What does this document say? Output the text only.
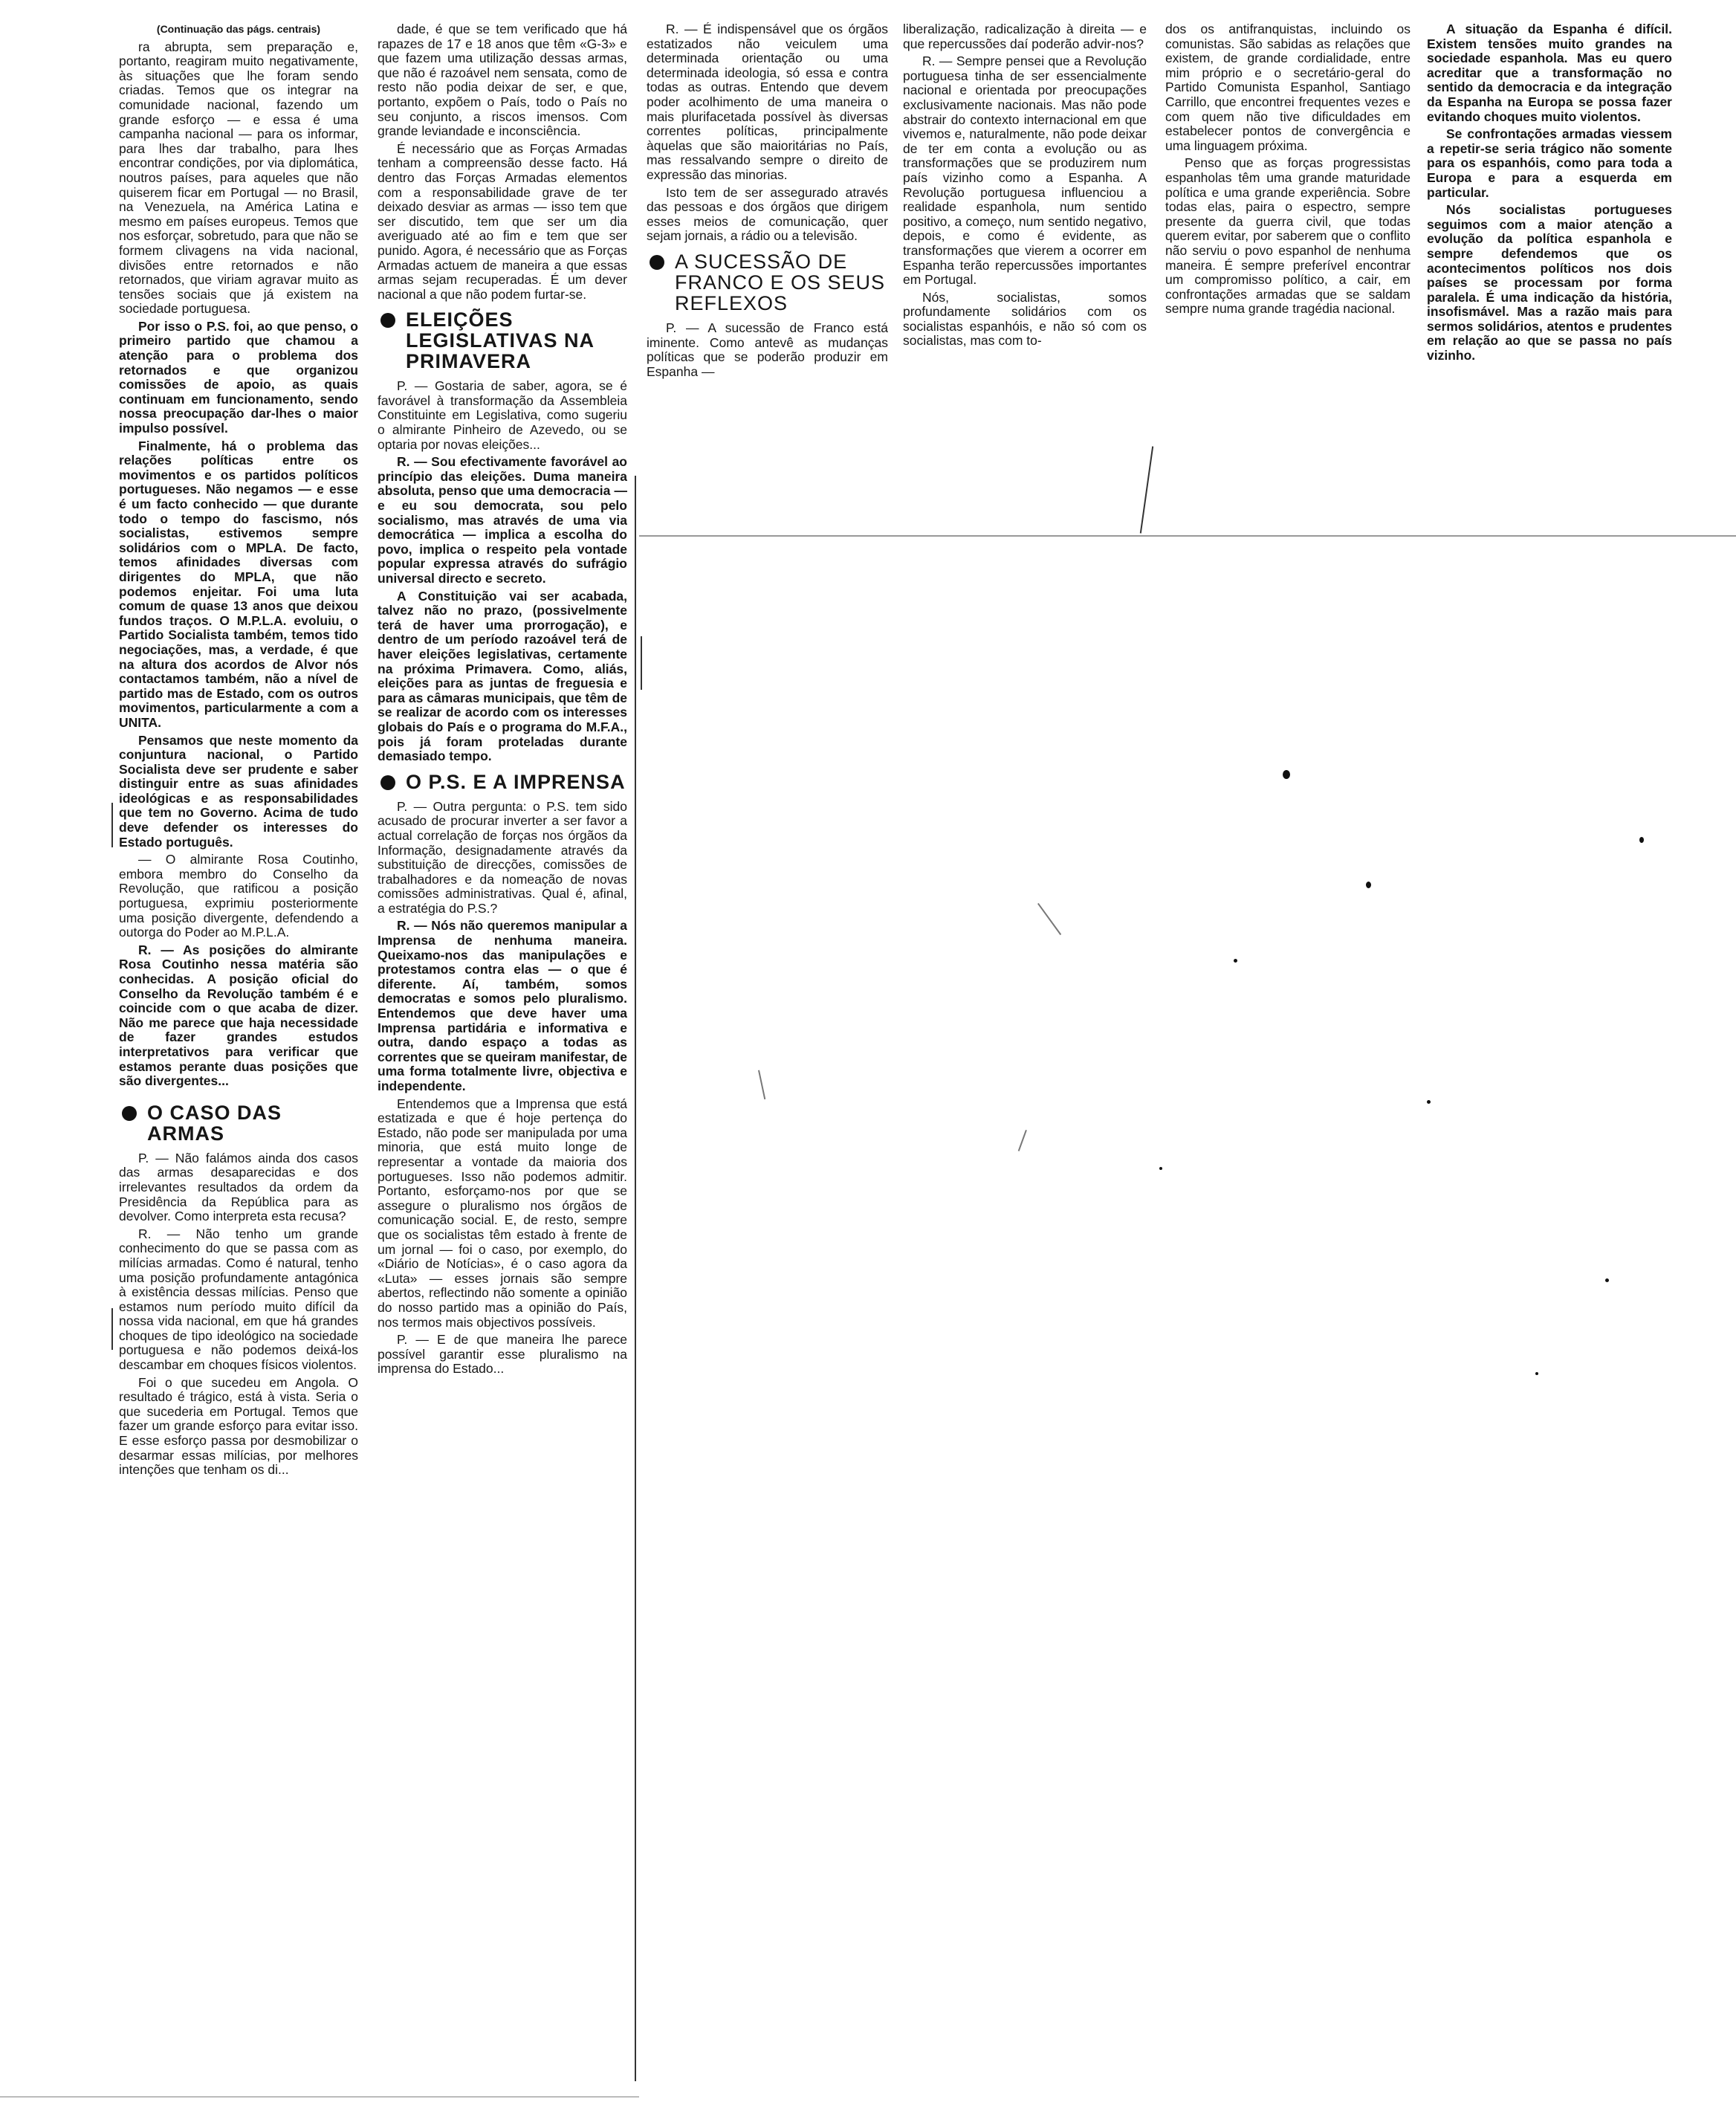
(Continuação das págs. centrais)

ra abrupta, sem preparação e, portanto, reagiram muito negativamente, às situações que lhe foram sendo criadas. Temos que os integrar na comunidade nacional, fazendo um grande esforço — e essa é uma campanha nacional — para os informar, para lhes dar trabalho, para lhes encontrar condições, por via diplomática, noutros países, para aqueles que não quiserem ficar em Portugal — no Brasil, na Venezuela, na América Latina e mesmo em países europeus. Temos que nos esforçar, sobretudo, para que não se formem clivagens na vida nacional, divisões entre retornados e não retornados, que viriam agravar muito as tensões sociais que já existem na sociedade portuguesa.

Por isso o P.S. foi, ao que penso, o primeiro partido que chamou a atenção para o problema dos retornados e que organizou comissões de apoio, as quais continuam em funcionamento, sendo nossa preocupação dar-lhes o maior impulso possível.

Finalmente, há o problema das relações políticas entre os movimentos e os partidos políticos portugueses. Não negamos — e esse é um facto conhecido — que durante todo o tempo do fascismo, nós socialistas, estivemos sempre solidários com o MPLA. De facto, temos afinidades diversas com dirigentes do MPLA, que não podemos enjeitar. Foi uma luta comum de quase 13 anos que deixou fundos traços. O M.P.L.A. evoluiu, o Partido Socialista também, temos tido negociações, mas, a verdade, é que na altura dos acordos de Alvor nós contactamos também, não a nível de partido mas de Estado, com os outros movimentos, particularmente a com a UNITA.

Pensamos que neste momento da conjuntura nacional, o Partido Socialista deve ser prudente e saber distinguir entre as suas afinidades ideológicas e as responsabilidades que tem no Governo. Acima de tudo deve defender os interesses do Estado português.

— O almirante Rosa Coutinho, embora membro do Conselho da Revolução, que ratificou a posição portuguesa, exprimiu posteriormente uma posição divergente, defendendo a outorga do Poder ao M.P.L.A.

R. — As posições do almirante Rosa Coutinho nessa matéria são conhecidas. A posição oficial do Conselho da Revolução também é e coincide com o que acaba de dizer. Não me parece que haja necessidade de fazer grandes estudos interpretativos para verificar que estamos perante duas posições que são divergentes...

O CASO DAS ARMAS

P. — Não falámos ainda dos casos das armas desaparecidas e dos irrelevantes resultados da ordem da Presidência da República para as devolver. Como interpreta esta recusa?

R. — Não tenho um grande conhecimento do que se passa com as milícias armadas. Como é natural, tenho uma posição profundamente antagónica à existência dessas milícias. Penso que estamos num período muito difícil da nossa vida nacional, em que há grandes choques de tipo ideológico na sociedade portuguesa e não podemos deixá-los descambar em choques físicos violentos.

Foi o que sucedeu em Angola. O resultado é trágico, está à vista. Seria o que sucederia em Portugal. Temos que fazer um grande esforço para evitar isso. E esse esforço passa por desmobilizar o desarmar essas milícias, por melhores intenções que tenham os di...

dade, é que se tem verificado que há rapazes de 17 e 18 anos que têm «G-3» e que fazem uma utilização dessas armas, que não é razoável nem sensata, como de resto não podia deixar de ser, e que, portanto, expõem o País, todo o País no seu conjunto, a riscos imensos. Com grande leviandade e inconsciência.

É necessário que as Forças Armadas tenham a compreensão desse facto. Há dentro das Forças Armadas elementos com a responsabilidade grave de ter deixado desviar as armas — isso tem que ser discutido, tem que ser um dia averiguado até ao fim e tem que ser punido. Agora, é necessário que as Forças Armadas actuem de maneira a que essas armas sejam recuperadas. É um dever nacional a que não podem furtar-se.

ELEIÇÕES LEGISLATIVAS NA PRIMAVERA

P. — Gostaria de saber, agora, se é favorável à transformação da Assembleia Constituinte em Legislativa, como sugeriu o almirante Pinheiro de Azevedo, ou se optaria por novas eleições...

R. — Sou efectivamente favorável ao princípio das eleições. Duma maneira absoluta, penso que uma democracia — e eu sou democrata, sou pelo socialismo, mas através de uma via democrática — implica a escolha do povo, implica o respeito pela vontade popular expressa através do sufrágio universal directo e secreto.

A Constituição vai ser acabada, talvez não no prazo, (possivelmente terá de haver uma prorrogação), e dentro de um período razoável terá de haver eleições legislativas, certamente na próxima Primavera. Como, aliás, eleições para as juntas de freguesia e para as câmaras municipais, que têm de se realizar de acordo com os interesses globais do País e o programa do M.F.A., pois já foram proteladas durante demasiado tempo.

O P.S. E A IMPRENSA

P. — Outra pergunta: o P.S. tem sido acusado de procurar inverter a ser favor a actual correlação de forças nos órgãos da Informação, designadamente através da substituição de direcções, comissões de trabalhadores e da nomeação de novas comissões administrativas. Qual é, afinal, a estratégia do P.S.?

R. — Nós não queremos manipular a Imprensa de nenhuma maneira. Queixamo-nos das manipulações e protestamos contra elas — o que é diferente. Aí, também, somos democratas e somos pelo pluralismo. Entendemos que deve haver uma Imprensa partidária e informativa e outra, dando espaço a todas as correntes que se queiram manifestar, de uma forma totalmente livre, objectiva e independente.

Entendemos que a Imprensa que está estatizada e que é hoje pertença do Estado, não pode ser manipulada por uma minoria, que está muito longe de representar a vontade da maioria dos portugueses. Isso não podemos admitir. Portanto, esforçamo-nos por que se assegure o pluralismo nos órgãos de comunicação social. E, de resto, sempre que os socialistas têm estado à frente de um jornal — foi o caso, por exemplo, do «Diário de Notícias», é o caso agora da «Luta» — esses jornais são sempre abertos, reflectindo não somente a opinião do nosso partido mas a opinião do País, nos termos mais objectivos possíveis.

P. — E de que maneira lhe parece possível garantir esse pluralismo na imprensa do Estado...

R. — É indispensável que os órgãos estatizados não veiculem uma determinada orientação ou uma determinada ideologia, só essa e contra todas as outras. Entendo que devem poder acolhimento de uma maneira o mais plurifacetada possível às diversas correntes políticas, principalmente àquelas que são maioritárias no País, mas ressalvando sempre o direito de expressão das minorias.

Isto tem de ser assegurado através das pessoas e dos órgãos que dirigem esses meios de comunicação, quer sejam jornais, a rádio ou a televisão.

A SUCESSÃO DE FRANCO E OS SEUS REFLEXOS

P. — A sucessão de Franco está iminente. Como antevê as mudanças políticas que se poderão produzir em Espanha —

liberalização, radicalização à direita — e que repercussões daí poderão advir-nos?

R. — Sempre pensei que a Revolução portuguesa tinha de ser essencialmente nacional e orientada por preocupações exclusivamente nacionais. Mas não pode abstrair do contexto internacional em que vivemos e, naturalmente, não pode deixar de ter em conta a evolução ou as transformações que se produzirem num país vizinho como a Espanha. A Revolução portuguesa influenciou a realidade espanhola, num sentido positivo, a começo, num sentido negativo, depois, e como é evidente, as transformações que vierem a ocorrer em Espanha terão repercussões importantes em Portugal.

Nós, socialistas, somos profundamente solidários com os socialistas espanhóis, e não só com os socialistas, mas com to-

dos os antifranquistas, incluindo os comunistas. São sabidas as relações que existem, de grande cordialidade, entre mim próprio e o secretário-geral do Partido Comunista Espanhol, Santiago Carrillo, que encontrei frequentes vezes e com quem não tive dificuldades em estabelecer pontos de convergência e uma linguagem próxima.

Penso que as forças progressistas espanholas têm uma grande maturidade política e uma grande experiência. Sobre todas elas, paira o espectro, sempre presente da guerra civil, que todas querem evitar, por saberem que o conflito não serviu o povo espanhol de nenhuma maneira. É sempre preferível encontrar um compromisso político, a cair, em confrontações armadas que se saldam sempre numa grande tragédia nacional.

A situação da Espanha é difícil. Existem tensões muito grandes na sociedade espanhola. Mas eu quero acreditar que a transformação no sentido da democracia e da integração da Espanha na Europa se possa fazer evitando choques muito violentos.

Se confrontações armadas viessem a repetir-se seria trágico não somente para os espanhóis, como para toda a Europa e para a esquerda em particular.

Nós socialistas portugueses seguimos com a maior atenção a evolução da política espanhola e sempre defendemos que os acontecimentos políticos nos dois países se processam por forma paralela. É uma indicação da história, insofismável. Mas a razão mais para sermos solidários, atentos e prudentes em relação ao que se passa no país vizinho.
